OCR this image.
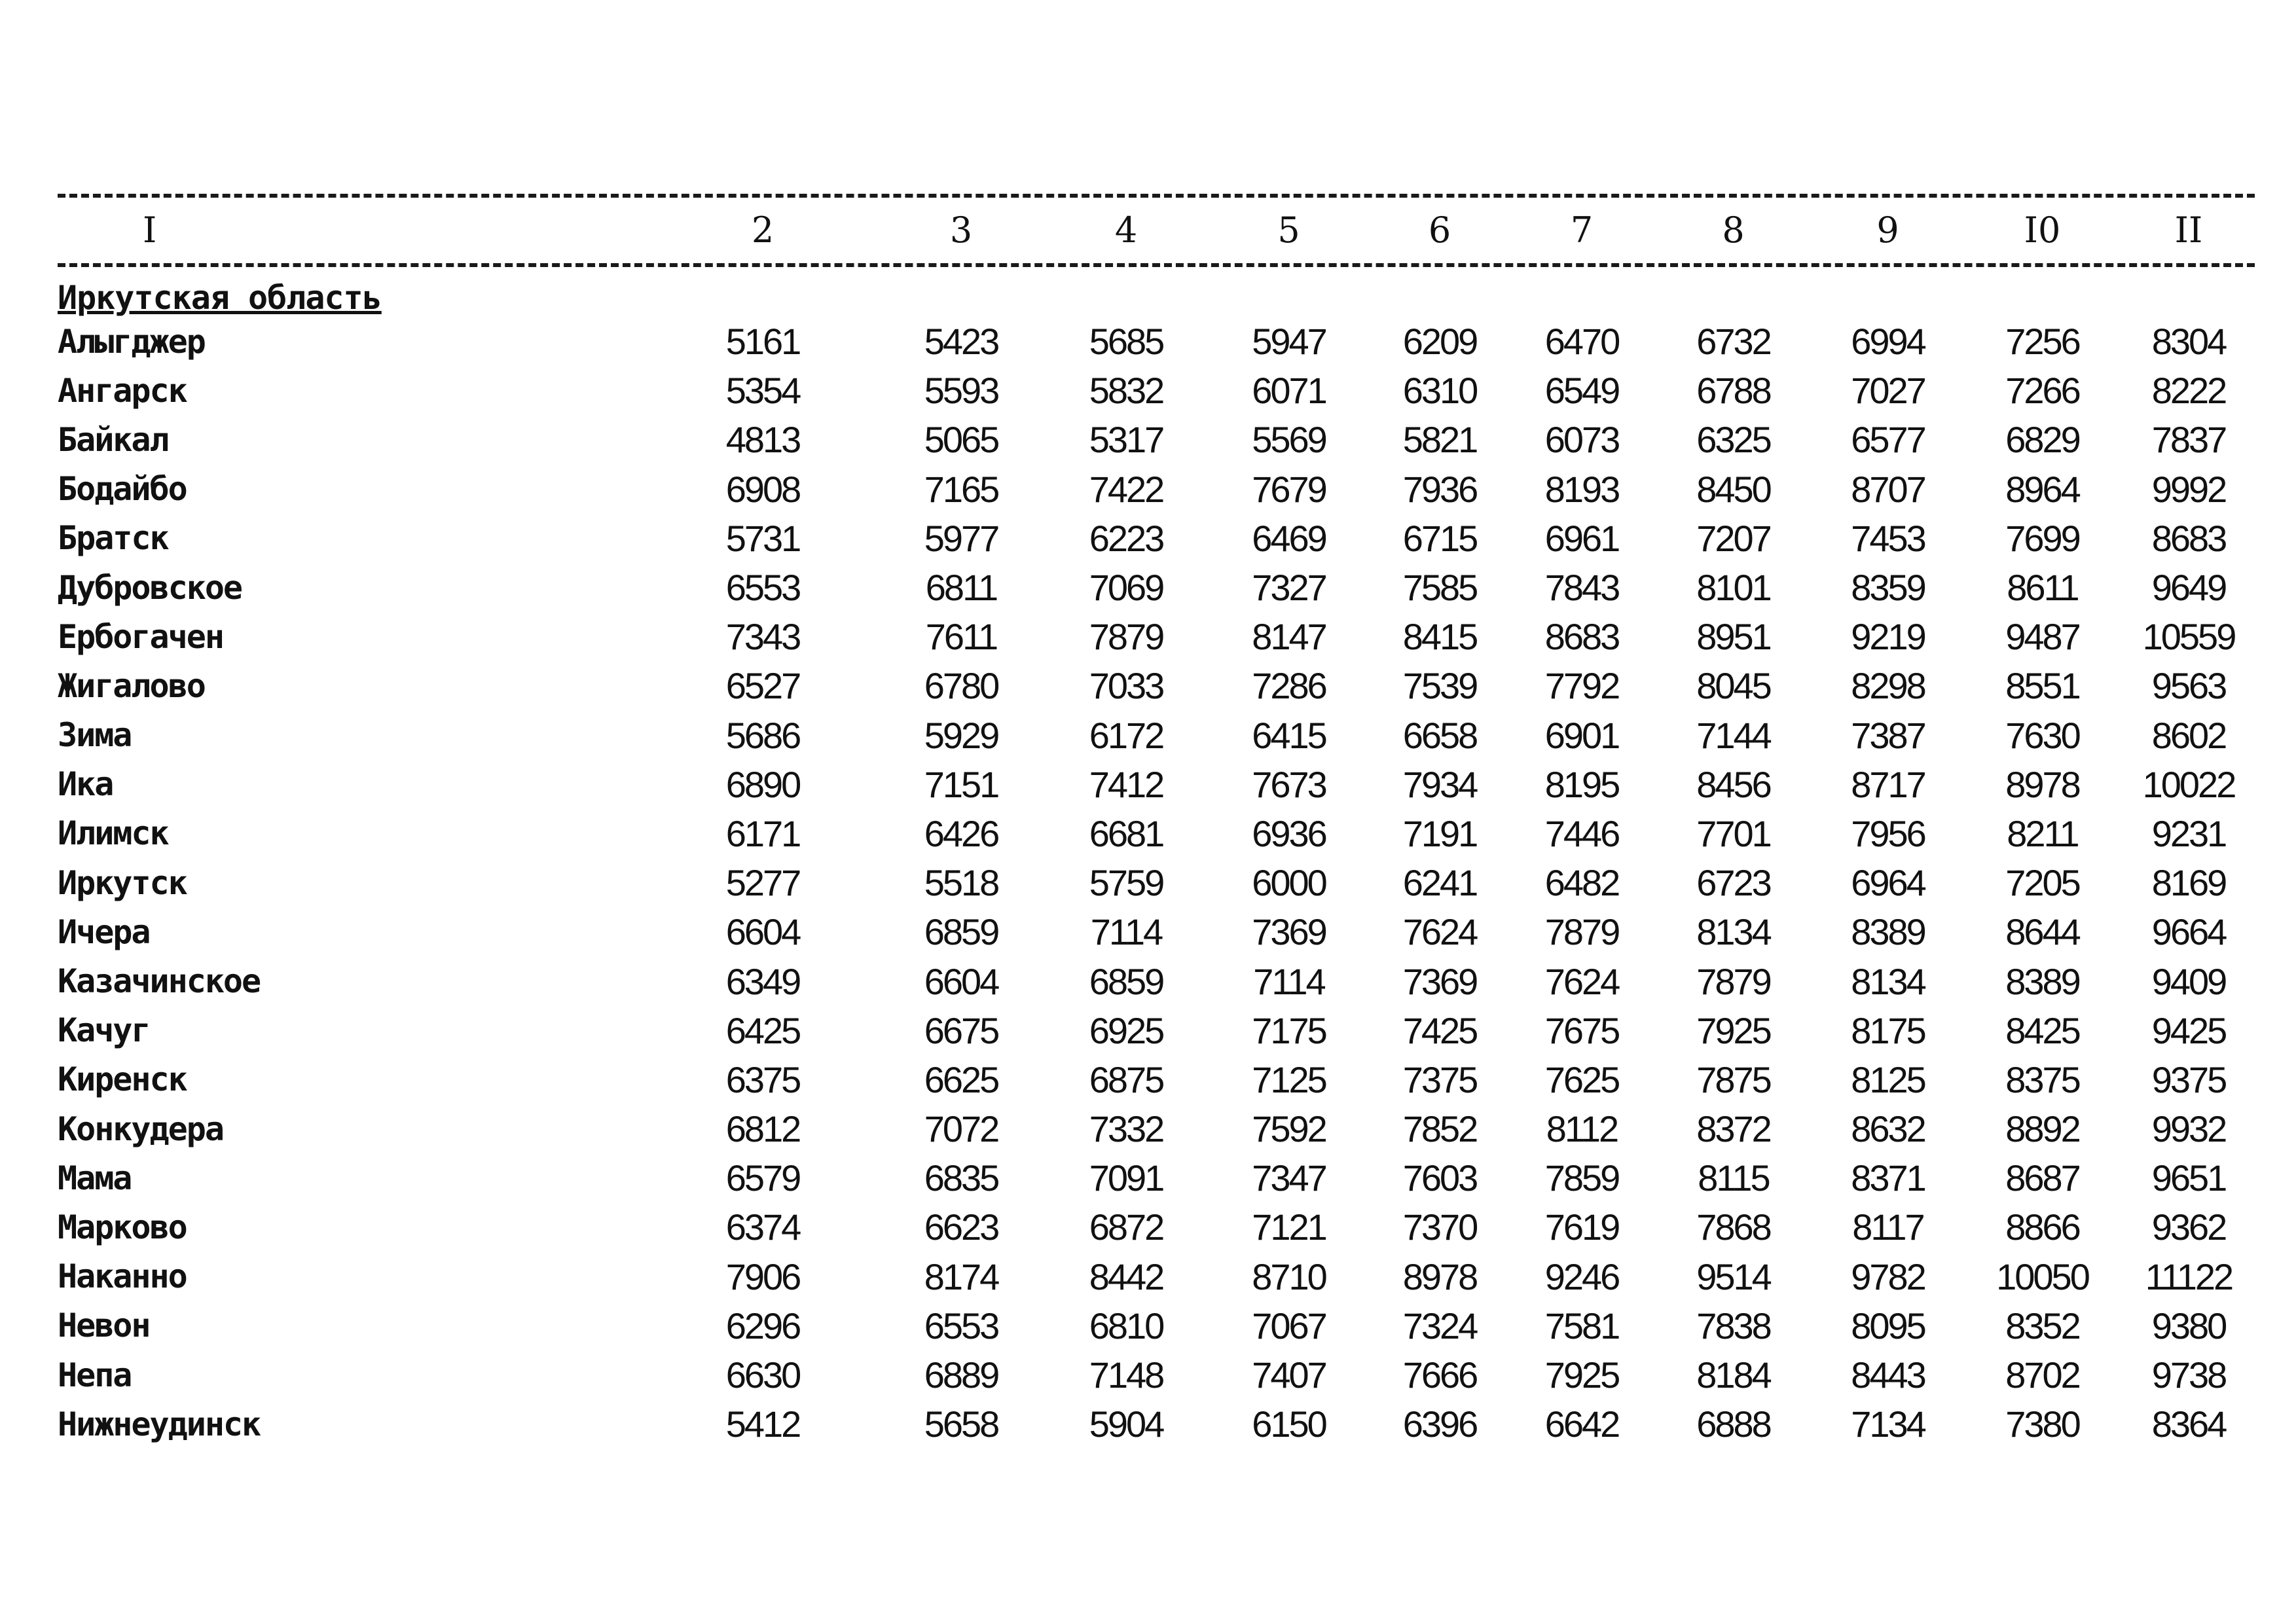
I	2	3	4	5	6	7	8	9	I0	II
Иркутская область										
Алыгджер	5161	5423	5685	5947	6209	6470	6732	6994	7256	8304
Ангарск	5354	5593	5832	6071	6310	6549	6788	7027	7266	8222
Байкал	4813	5065	5317	5569	5821	6073	6325	6577	6829	7837
Бодайбо	6908	7165	7422	7679	7936	8193	8450	8707	8964	9992
Братск	5731	5977	6223	6469	6715	6961	7207	7453	7699	8683
Дубровское	6553	6811	7069	7327	7585	7843	8101	8359	8611	9649
Ербогачен	7343	7611	7879	8147	8415	8683	8951	9219	9487	10559
Жигалово	6527	6780	7033	7286	7539	7792	8045	8298	8551	9563
Зима	5686	5929	6172	6415	6658	6901	7144	7387	7630	8602
Ика	6890	7151	7412	7673	7934	8195	8456	8717	8978	10022
Илимск	6171	6426	6681	6936	7191	7446	7701	7956	8211	9231
Иркутск	5277	5518	5759	6000	6241	6482	6723	6964	7205	8169
Ичера	6604	6859	7114	7369	7624	7879	8134	8389	8644	9664
Казачинское	6349	6604	6859	7114	7369	7624	7879	8134	8389	9409
Качуг	6425	6675	6925	7175	7425	7675	7925	8175	8425	9425
Киренск	6375	6625	6875	7125	7375	7625	7875	8125	8375	9375
Конкудера	6812	7072	7332	7592	7852	8112	8372	8632	8892	9932
Мама	6579	6835	7091	7347	7603	7859	8115	8371	8687	9651
Марково	6374	6623	6872	7121	7370	7619	7868	8117	8866	9362
Наканно	7906	8174	8442	8710	8978	9246	9514	9782	10050	11122
Невон	6296	6553	6810	7067	7324	7581	7838	8095	8352	9380
Непа	6630	6889	7148	7407	7666	7925	8184	8443	8702	9738
Нижнеудинск	5412	5658	5904	6150	6396	6642	6888	7134	7380	8364
